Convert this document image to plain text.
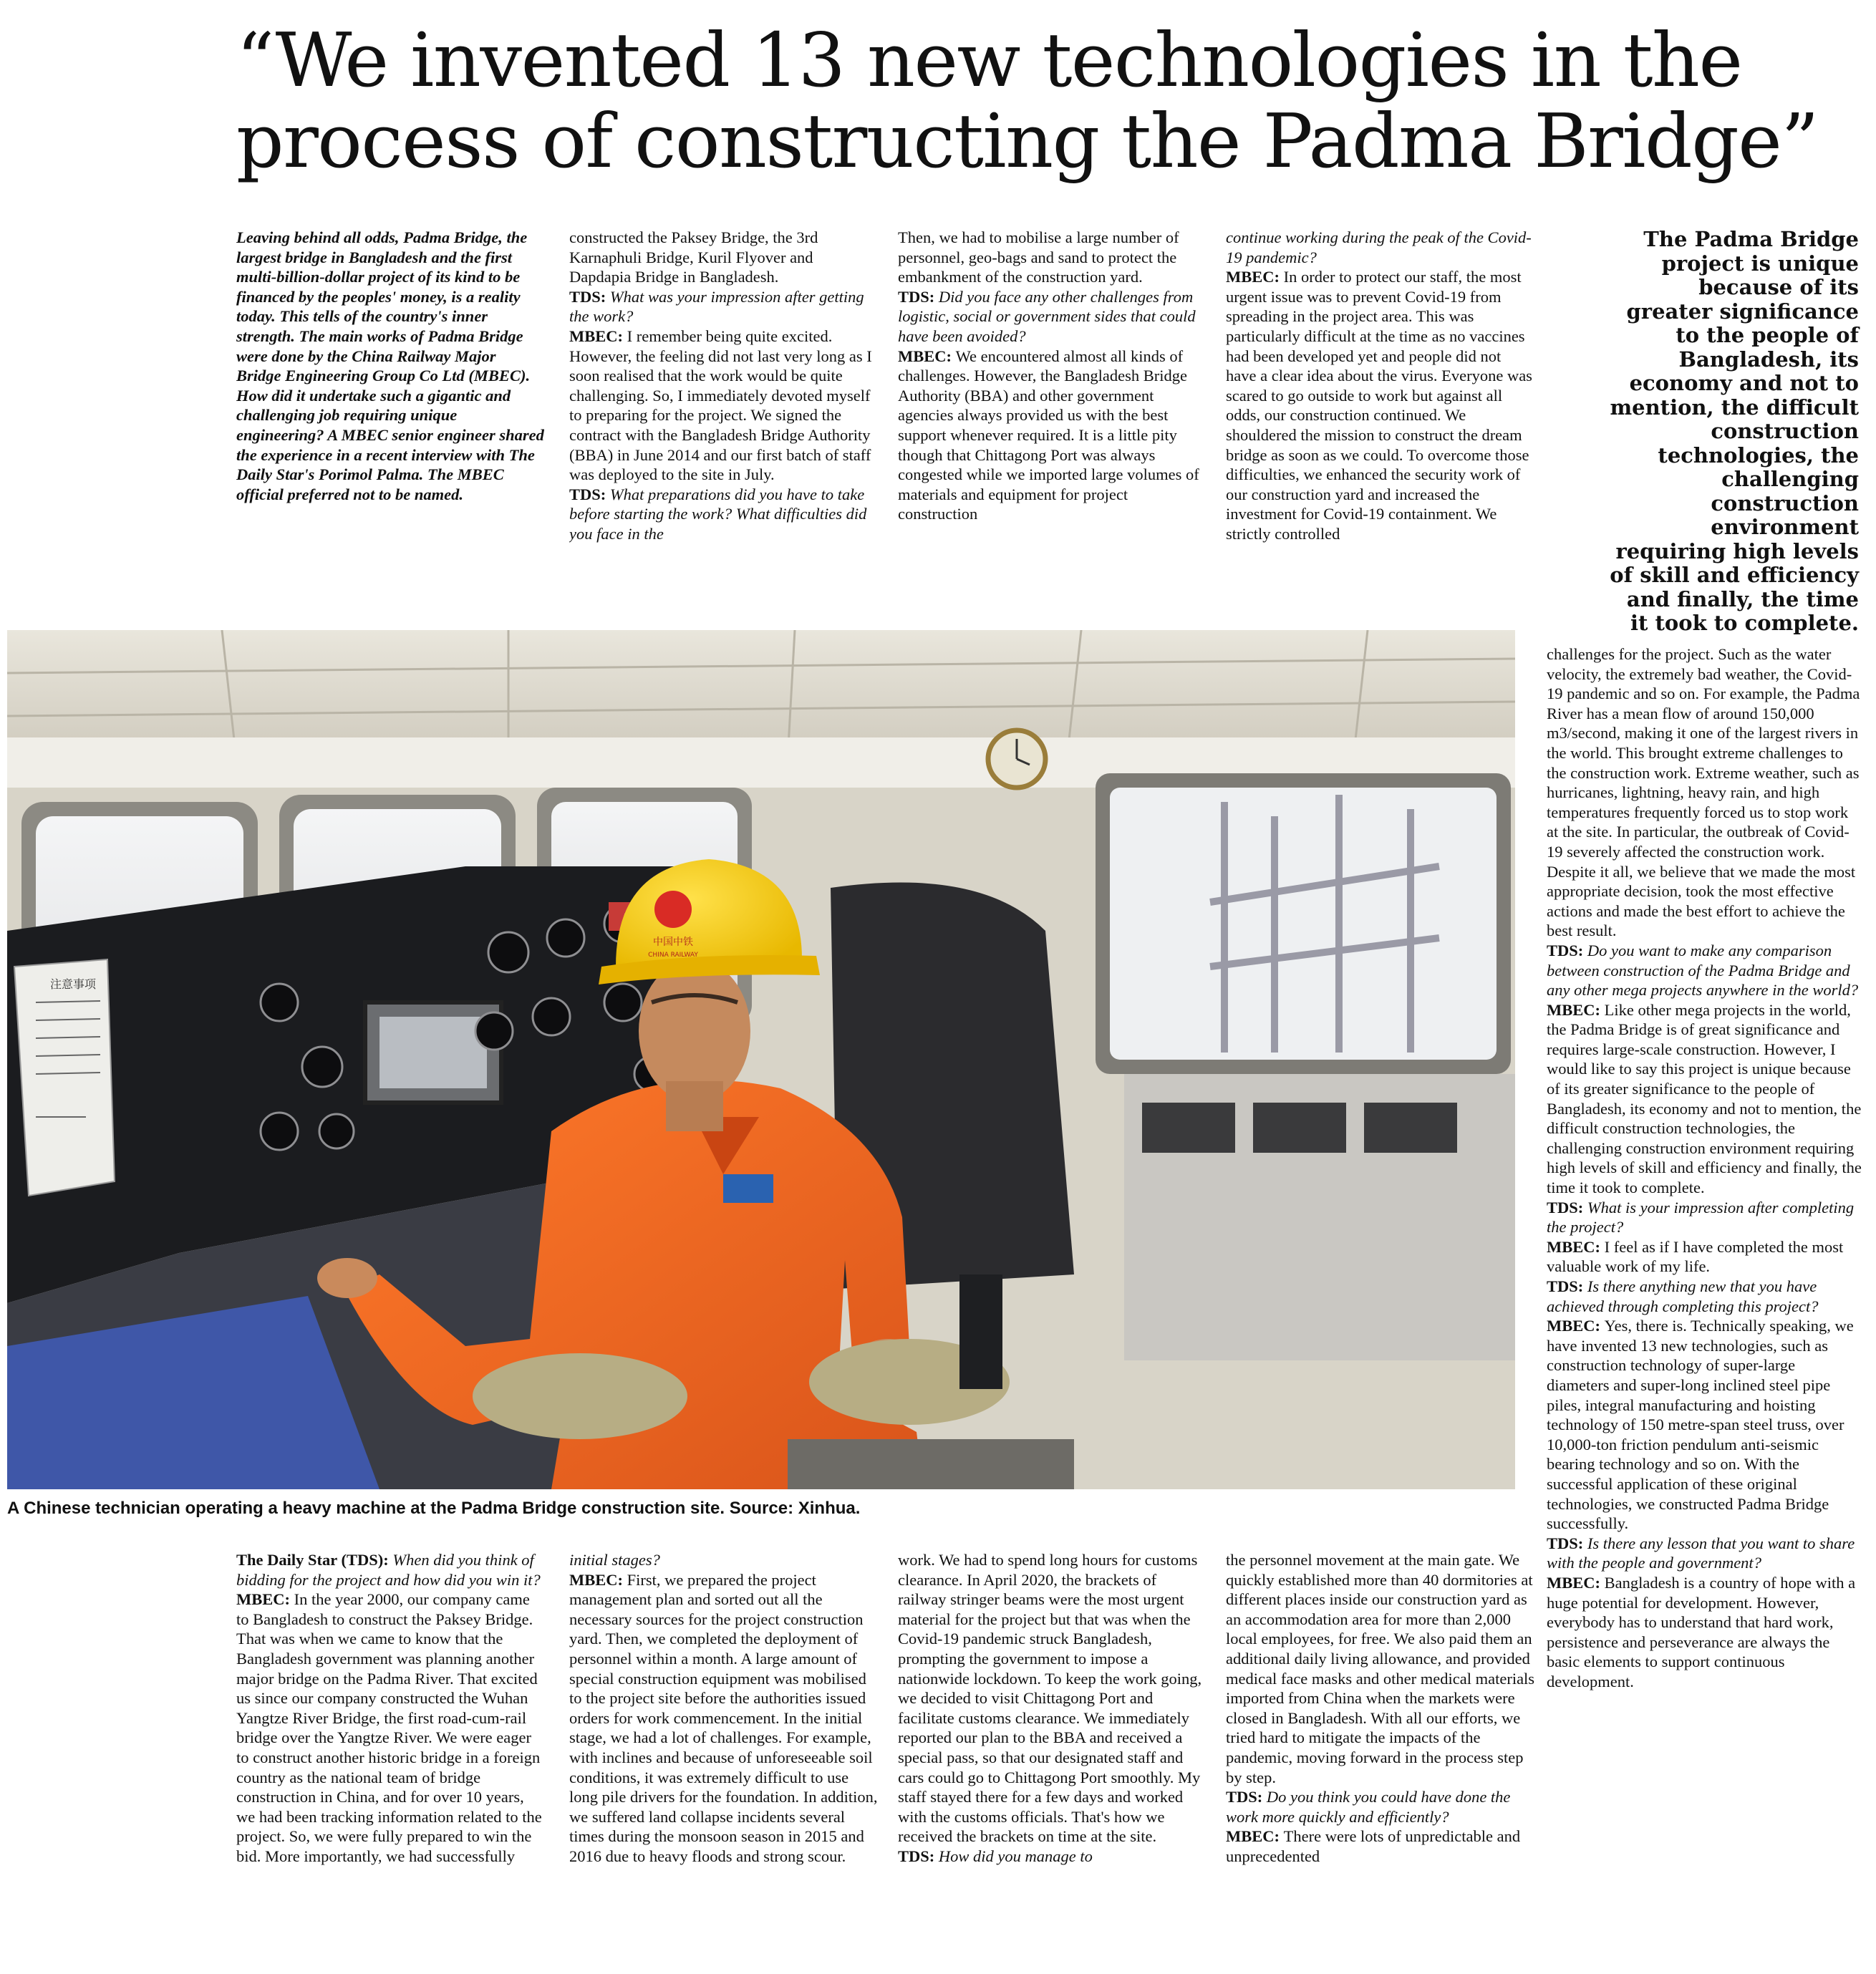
“We invented 13 new technologies in the process of constructing the Padma Bridge”
Leaving behind all odds, Padma Bridge, the largest bridge in Bangladesh and the first multi-billion-dollar project of its kind to be financed by the peoples' money, is a reality today. This tells of the country's inner strength. The main works of Padma Bridge were done by the China Railway Major Bridge Engineering Group Co Ltd (MBEC). How did it undertake such a gigantic and challenging job requiring unique engineering? A MBEC senior engineer shared the experience in a recent interview with The Daily Star's Porimol Palma. The MBEC official preferred not to be named.

constructed the Paksey Bridge, the 3rd Karnaphuli Bridge, Kuril Flyover and Dapdapia Bridge in Bangladesh.

TDS: What was your impression after getting the work?

MBEC: I remember being quite excited. However, the feeling did not last very long as I soon realised that the work would be quite challenging. So, I immediately devoted myself to preparing for the project. We signed the contract with the Bangladesh Bridge Authority (BBA) in June 2014 and our first batch of staff was deployed to the site in July.

TDS: What preparations did you have to take before starting the work? What difficulties did you face in the

Then, we had to mobilise a large number of personnel, geo-bags and sand to protect the embankment of the construction yard.

TDS: Did you face any other challenges from logistic, social or government sides that could have been avoided?

MBEC: We encountered almost all kinds of challenges. However, the Bangladesh Bridge Authority (BBA) and other government agencies always provided us with the best support whenever required. It is a little pity though that Chittagong Port was always congested while we imported large volumes of materials and equipment for project construction

continue working during the peak of the Covid-19 pandemic?

MBEC: In order to protect our staff, the most urgent issue was to prevent Covid-19 from spreading in the project area. This was particularly difficult at the time as no vaccines had been developed yet and people did not have a clear idea about the virus. Everyone was scared to go outside to work but against all odds, our construction continued. We shouldered the mission to construct the dream bridge as soon as we could. To overcome those difficulties, we enhanced the security work of our construction yard and increased the investment for Covid-19 containment. We strictly controlled

The Padma Bridge project is unique because of its greater significance to the people of Bangladesh, its economy and not to mention, the difficult construction technologies, the challenging construction environment requiring high levels of skill and efficiency and finally, the time it took to complete.
注意事项
中国中铁
CHINA RAILWAY
A Chinese technician operating a heavy machine at the Padma Bridge construction site. Source: Xinhua.

challenges for the project. Such as the water velocity, the extremely bad weather, the Covid-19 pandemic and so on. For example, the Padma River has a mean flow of around 150,000 m3/second, making it one of the largest rivers in the world. This brought extreme challenges to the construction work. Extreme weather, such as hurricanes, lightning, heavy rain, and high temperatures frequently forced us to stop work at the site. In particular, the outbreak of Covid-19 severely affected the construction work. Despite it all, we believe that we made the most appropriate decision, took the most effective actions and made the best effort to achieve the best result.

TDS: Do you want to make any comparison between construction of the Padma Bridge and any other mega projects anywhere in the world?

MBEC: Like other mega projects in the world, the Padma Bridge is of great significance and requires large-scale construction. However, I would like to say this project is unique because of its greater significance to the people of Bangladesh, its economy and not to mention, the difficult construction technologies, the challenging construction environment requiring high levels of skill and efficiency and finally, the time it took to complete.

TDS: What is your impression after completing the project?

MBEC: I feel as if I have completed the most valuable work of my life.

TDS: Is there anything new that you have achieved through completing this project?

MBEC: Yes, there is. Technically speaking, we have invented 13 new technologies, such as construction technology of super-large diameters and super-long inclined steel pipe piles, integral manufacturing and hoisting technology of 150 metre-span steel truss, over 10,000-ton friction pendulum anti-seismic bearing technology and so on. With the successful application of these original technologies, we constructed Padma Bridge successfully.

TDS: Is there any lesson that you want to share with the people and government?

MBEC: Bangladesh is a country of hope with a huge potential for development. However, everybody has to understand that hard work, persistence and perseverance are always the basic elements to support continuous development.

The Daily Star (TDS): When did you think of bidding for the project and how did you win it?

MBEC: In the year 2000, our company came to Bangladesh to construct the Paksey Bridge. That was when we came to know that the Bangladesh government was planning another major bridge on the Padma River. That excited us since our company constructed the Wuhan Yangtze River Bridge, the first road-cum-rail bridge over the Yangtze River. We were eager to construct another historic bridge in a foreign country as the national team of bridge construction in China, and for over 10 years, we had been tracking information related to the project. So, we were fully prepared to win the bid. More importantly, we had successfully

initial stages?

MBEC: First, we prepared the project management plan and sorted out all the necessary sources for the project construction yard. Then, we completed the deployment of personnel within a month. A large amount of special construction equipment was mobilised to the project site before the authorities issued orders for work commencement. In the initial stage, we had a lot of challenges. For example, with inclines and because of unforeseeable soil conditions, it was extremely difficult to use long pile drivers for the foundation. In addition, we suffered land collapse incidents several times during the monsoon season in 2015 and 2016 due to heavy floods and strong scour.

work. We had to spend long hours for customs clearance. In April 2020, the brackets of railway stringer beams were the most urgent material for the project but that was when the Covid-19 pandemic struck Bangladesh, prompting the government to impose a nationwide lockdown. To keep the work going, we decided to visit Chittagong Port and facilitate customs clearance. We immediately reported our plan to the BBA and received a special pass, so that our designated staff and cars could go to Chittagong Port smoothly. My staff stayed there for a few days and worked with the customs officials. That's how we received the brackets on time at the site.

TDS: How did you manage to

the personnel movement at the main gate. We quickly established more than 40 dormitories at different places inside our construction yard as an accommodation area for more than 2,000 local employees, for free. We also paid them an additional daily living allowance, and provided medical face masks and other medical materials imported from China when the markets were closed in Bangladesh. With all our efforts, we tried hard to mitigate the impacts of the pandemic, moving forward in the process step by step.

TDS: Do you think you could have done the work more quickly and efficiently?

MBEC: There were lots of unpredictable and unprecedented
